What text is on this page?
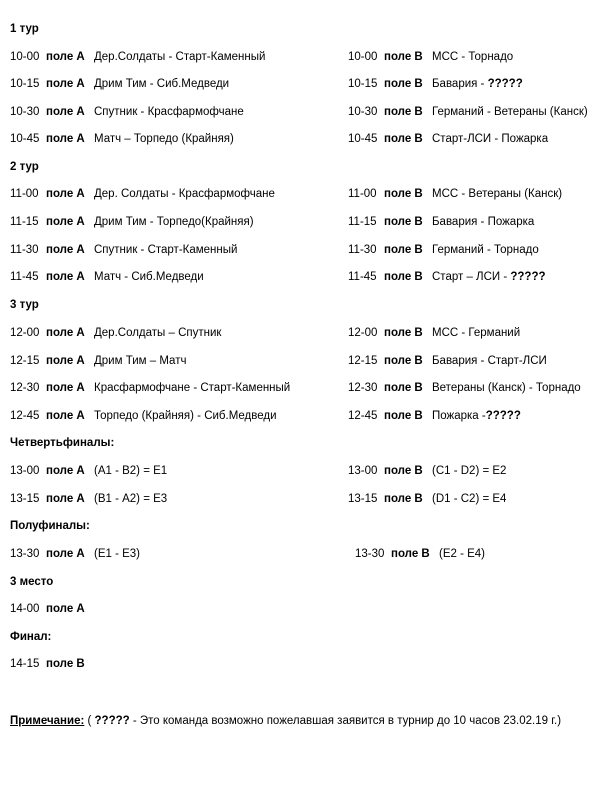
1 тур
10-00 поле А Дер.Солдаты - Старт-Каменный
10-15 поле А Дрим Тим - Сиб.Медведи
10-30 поле А Спутник - Красфармофчане
10-45 поле А Матч – Торпедо (Крайняя)
10-00 поле В МСС - Торнадо
10-15 поле В Бавария - ?????
10-30 поле В Германий - Ветераны (Канск)
10-45 поле В Старт-ЛСИ - Пожарка
2 тур
11-00 поле А Дер. Солдаты - Красфармофчане
11-15 поле А Дрим Тим - Торпедо(Крайняя)
11-30 поле А Спутник - Старт-Каменный
11-45 поле А Матч - Сиб.Медведи
11-00 поле В МСС - Ветераны (Канск)
11-15 поле В Бавария - Пожарка
11-30 поле В Германий - Торнадо
11-45 поле В Старт – ЛСИ - ?????
3 тур
12-00 поле А Дер.Солдаты – Спутник
12-15 поле А Дрим Тим – Матч
12-30 поле А Красфармофчане - Старт-Каменный
12-45 поле А Торпедо (Крайняя) - Сиб.Медведи
12-00 поле В МСС - Германий
12-15 поле В Бавария - Старт-ЛСИ
12-30 поле В Ветераны (Канск) - Торнадо
12-45 поле В Пожарка -?????
Четвертьфиналы:
13-00 поле А (А1 - В2) = Е1
13-15 поле А (В1 - А2) = Е3
13-00 поле В (С1 - D2) = Е2
13-15 поле В (D1 - С2) = Е4
Полуфиналы:
13-30 поле А (Е1 - Е3)	13-30 поле В (Е2 - Е4)
3 место
14-00 поле А
Финал:
14-15 поле В
Примечание: ( ????? - Это команда возможно пожелавшая заявится в турнир до 10 часов 23.02.19 г.)
